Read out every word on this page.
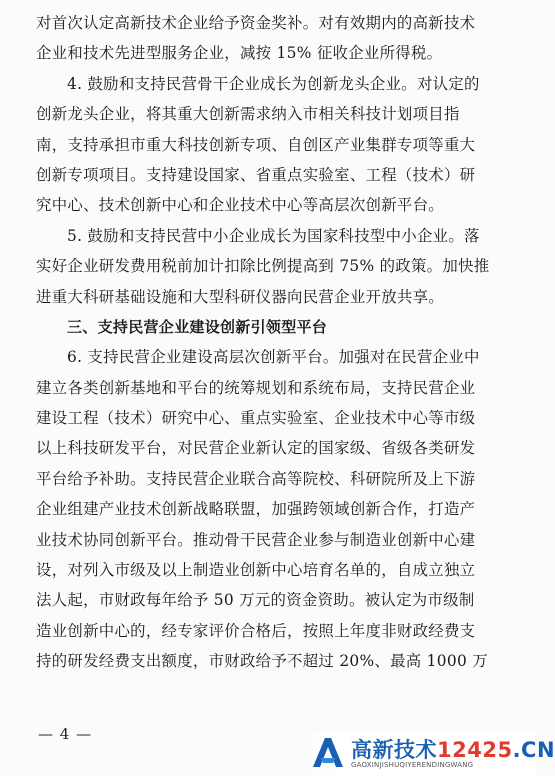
对首次认定高新技术企业给予资金奖补。对有效期内的高新技术
企业和技术先进型服务企业，减按 15% 征收企业所得税。
4. 鼓励和支持民营骨干企业成长为创新龙头企业。对认定的
创新龙头企业，将其重大创新需求纳入市相关科技计划项目指
南，支持承担市重大科技创新专项、自创区产业集群专项等重大
创新专项项目。支持建设国家、省重点实验室、工程（技术）研
究中心、技术创新中心和企业技术中心等高层次创新平台。
5. 鼓励和支持民营中小企业成长为国家科技型中小企业。落
实好企业研发费用税前加计扣除比例提高到 75% 的政策。加快推
进重大科研基础设施和大型科研仪器向民营企业开放共享。
三、支持民营企业建设创新引领型平台
6. 支持民营企业建设高层次创新平台。加强对在民营企业中
建立各类创新基地和平台的统筹规划和系统布局，支持民营企业
建设工程（技术）研究中心、重点实验室、企业技术中心等市级
以上科技研发平台，对民营企业新认定的国家级、省级各类研发
平台给予补助。支持民营企业联合高等院校、科研院所及上下游
企业组建产业技术创新战略联盟，加强跨领域创新合作，打造产
业技术协同创新平台。推动骨干民营企业参与制造业创新中心建
设，对列入市级及以上制造业创新中心培育名单的，自成立独立
法人起，市财政每年给予 50 万元的资金资助。被认定为市级制
造业创新中心的，经专家评价合格后，按照上年度非财政经费支
持的研发经费支出额度，市财政给予不超过 20%、最高 1000 万
— 4 —
高新技术12425.CN
GAOXINJISHUQIYERENDINGWANG
